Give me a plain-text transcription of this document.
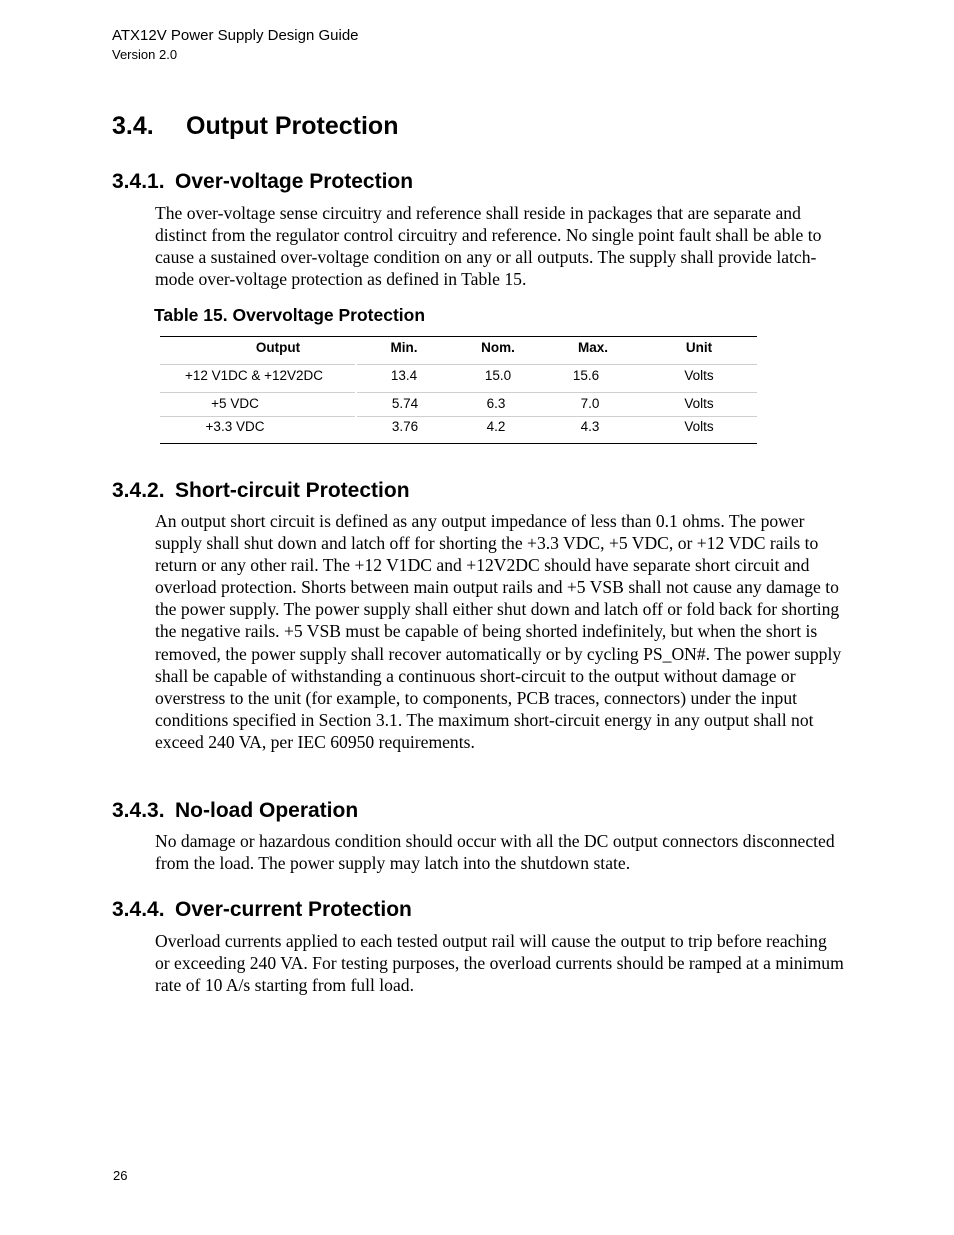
ATX12V Power Supply Design Guide
Version 2.0
3.4. Output Protection
3.4.1. Over-voltage Protection

The over-voltage sense circuitry and reference shall reside in packages that are separate and distinct from the regulator control circuitry and reference. No single point fault shall be able to cause a sustained over-voltage condition on any or all outputs. The supply shall provide latch-mode over-voltage protection as defined in Table 15.

Table 15. Overvoltage Protection
Output	Min.	Nom.	Max.	Unit
+12 V1DC & +12V2DC	13.4	15.0	15.6	Volts
+5 VDC	5.74	6.3	7.0	Volts
+3.3 VDC	3.76	4.2	4.3	Volts
3.4.2. Short-circuit Protection

An output short circuit is defined as any output impedance of less than 0.1 ohms. The power supply shall shut down and latch off for shorting the +3.3 VDC, +5 VDC, or +12 VDC rails to return or any other rail. The +12 V1DC and +12V2DC should have separate short circuit and overload protection. Shorts between main output rails and +5 VSB shall not cause any damage to the power supply. The power supply shall either shut down and latch off or fold back for shorting the negative rails. +5 VSB must be capable of being shorted indefinitely, but when the short is removed, the power supply shall recover automatically or by cycling PS_ON#. The power supply shall be capable of withstanding a continuous short-circuit to the output without damage or overstress to the unit (for example, to components, PCB traces, connectors) under the input conditions specified in Section 3.1. The maximum short-circuit energy in any output shall not exceed 240 VA, per IEC 60950 requirements.

3.4.3. No-load Operation

No damage or hazardous condition should occur with all the DC output connectors disconnected from the load. The power supply may latch into the shutdown state.

3.4.4. Over-current Protection

Overload currents applied to each tested output rail will cause the output to trip before reaching or exceeding 240 VA. For testing purposes, the overload currents should be ramped at a minimum rate of 10 A/s starting from full load.

26
